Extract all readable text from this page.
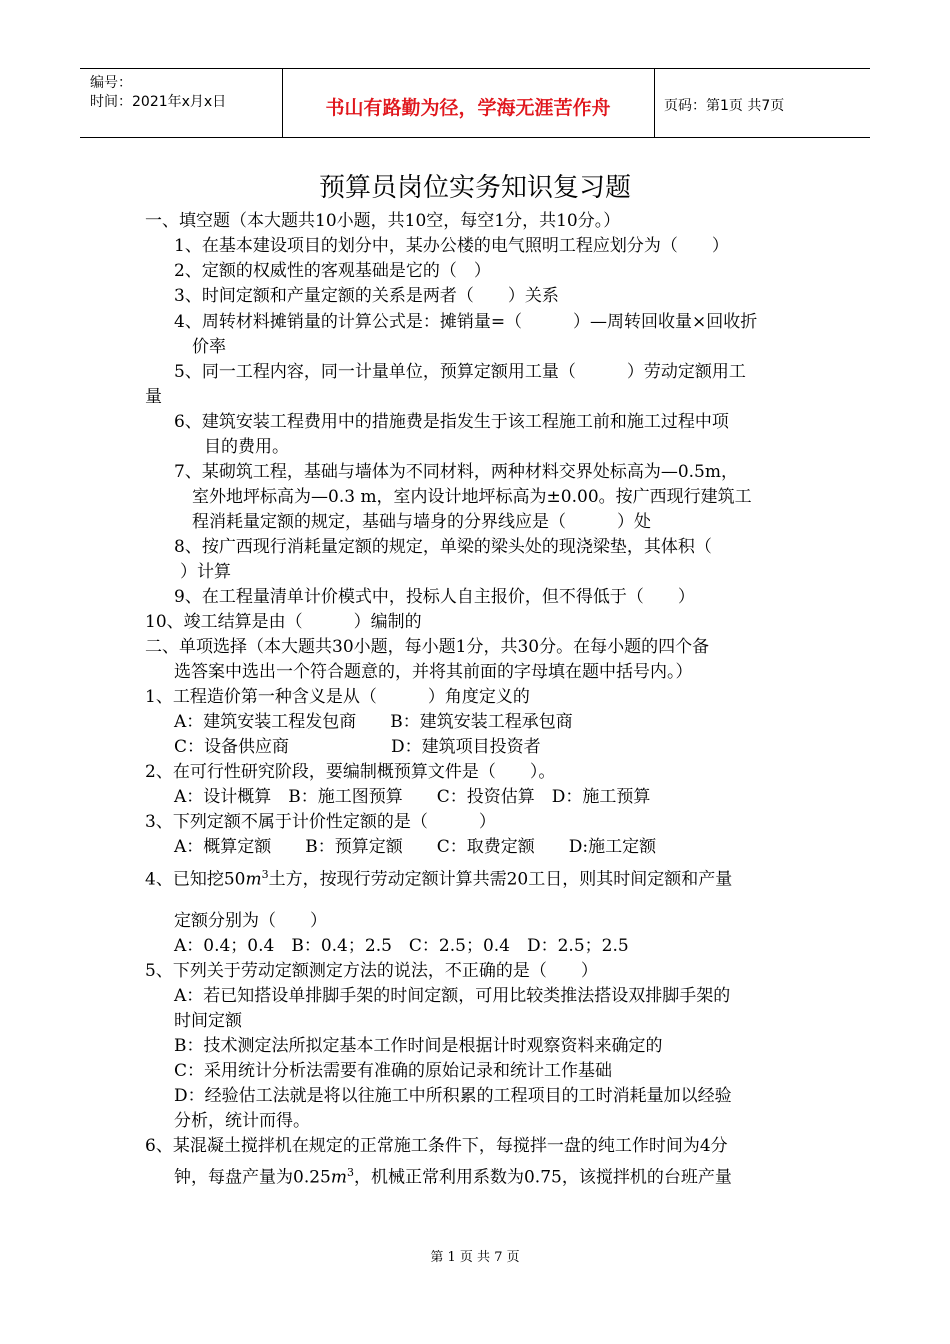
编号：
时间：2021年x月x日	书山有路勤为径，学海无涯苦作舟	页码：第1页 共7页
预算员岗位实务知识复习题
一、填空题（本大题共10小题，共10空，每空1分，共10分。）
1、在基本建设项目的划分中，某办公楼的电气照明工程应划分为（　　）
2、定额的权威性的客观基础是它的（　）
3、时间定额和产量定额的关系是两者（　　）关系
4、周转材料摊销量的计算公式是：摊销量=（　　　）—周转回收量×回收折
价率
5、同一工程内容，同一计量单位，预算定额用工量（　　　）劳动定额用工
量
6、建筑安装工程费用中的措施费是指发生于该工程施工前和施工过程中项
目的费用。
7、某砌筑工程，基础与墙体为不同材料，两种材料交界处标高为—0.5m，
室外地坪标高为—0.3 m，室内设计地坪标高为±0.00。按广西现行建筑工
程消耗量定额的规定，基础与墙身的分界线应是（　　　）处
8、按广西现行消耗量定额的规定，单梁的梁头处的现浇梁垫，其体积（
）计算
9、在工程量清单计价模式中，投标人自主报价，但不得低于（　　）
10、竣工结算是由（　　　）编制的
二、单项选择（本大题共30小题，每小题1分，共30分。在每小题的四个备
选答案中选出一个符合题意的，并将其前面的字母填在题中括号内。）
1、工程造价第一种含义是从（　　　）角度定义的
A：建筑安装工程发包商　　B：建筑安装工程承包商
C：设备供应商　　　　　　D：建筑项目投资者
2、在可行性研究阶段，要编制概预算文件是（　　）。
A：设计概算　B：施工图预算　　C：投资估算　D：施工预算
3、下列定额不属于计价性定额的是（　　　）
A：概算定额　　B：预算定额　　C：取费定额　　D:施工定额
4、已知挖$50m^3$土方，按现行劳动定额计算共需20工日，则其时间定额和产量
定额分别为（　　）
A：0.4；0.4　B：0.4；2.5　C：2.5；0.4　D：2.5；2.5
5、下列关于劳动定额测定方法的说法，不正确的是（　　）
A：若已知搭设单排脚手架的时间定额，可用比较类推法搭设双排脚手架的
时间定额
B：技术测定法所拟定基本工作时间是根据计时观察资料来确定的
C：采用统计分析法需要有准确的原始记录和统计工作基础
D：经验估工法就是将以往施工中所积累的工程项目的工时消耗量加以经验
分析，统计而得。
6、某混凝土搅拌机在规定的正常施工条件下，每搅拌一盘的纯工作时间为4分
钟，每盘产量为$0.25m^3$，机械正常利用系数为0.75，该搅拌机的台班产量
第 1 页 共 7 页
